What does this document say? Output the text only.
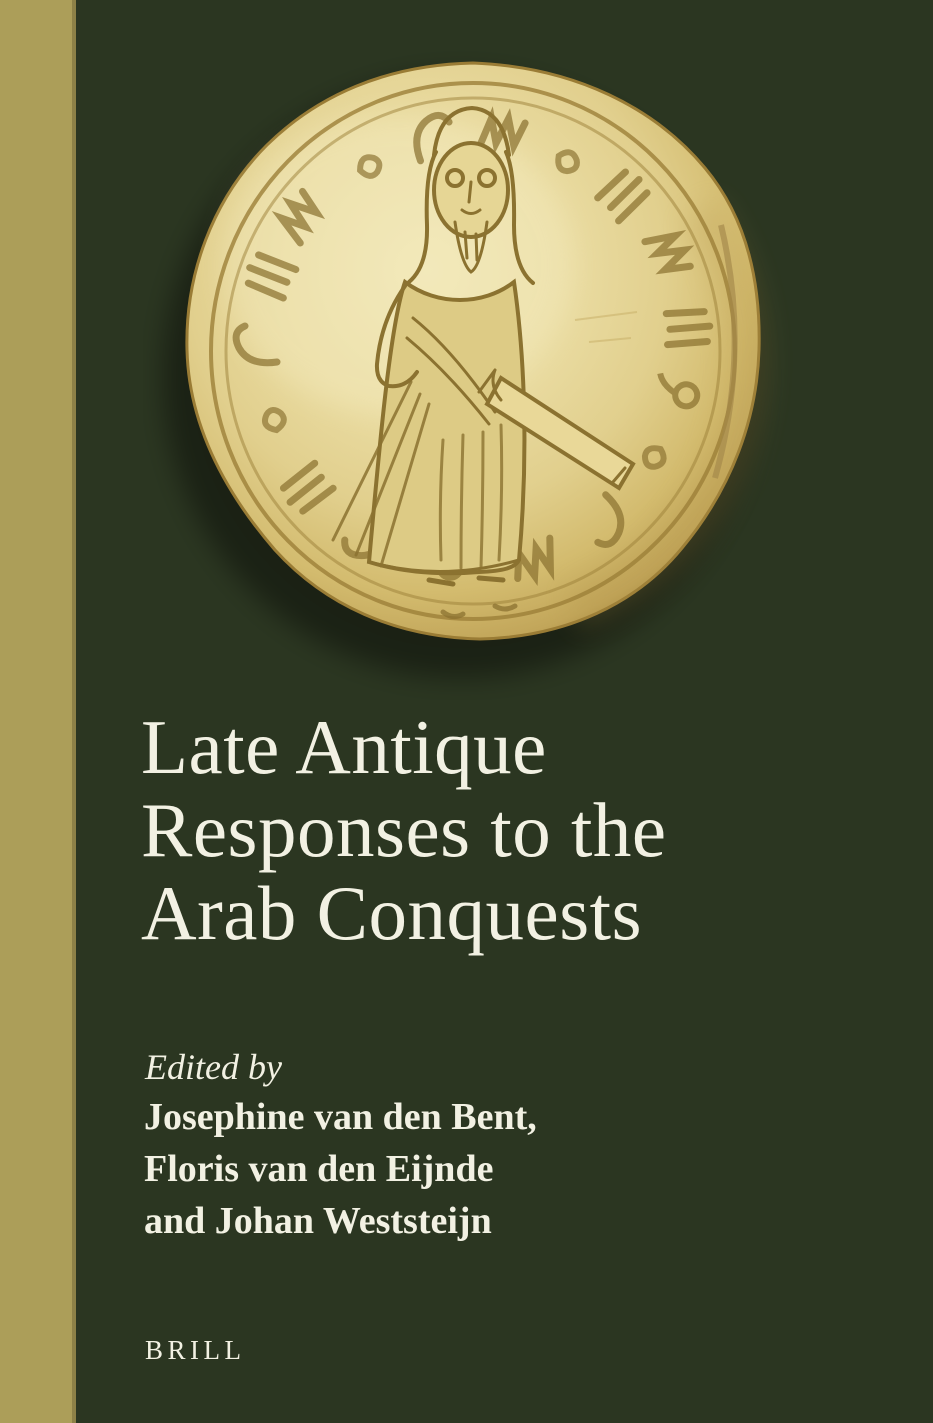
Late Antique
Responses to the
Arab Conquests
Edited by
Josephine van den Bent,
Floris van den Eijnde
and Johan Weststeijn
BRILL
